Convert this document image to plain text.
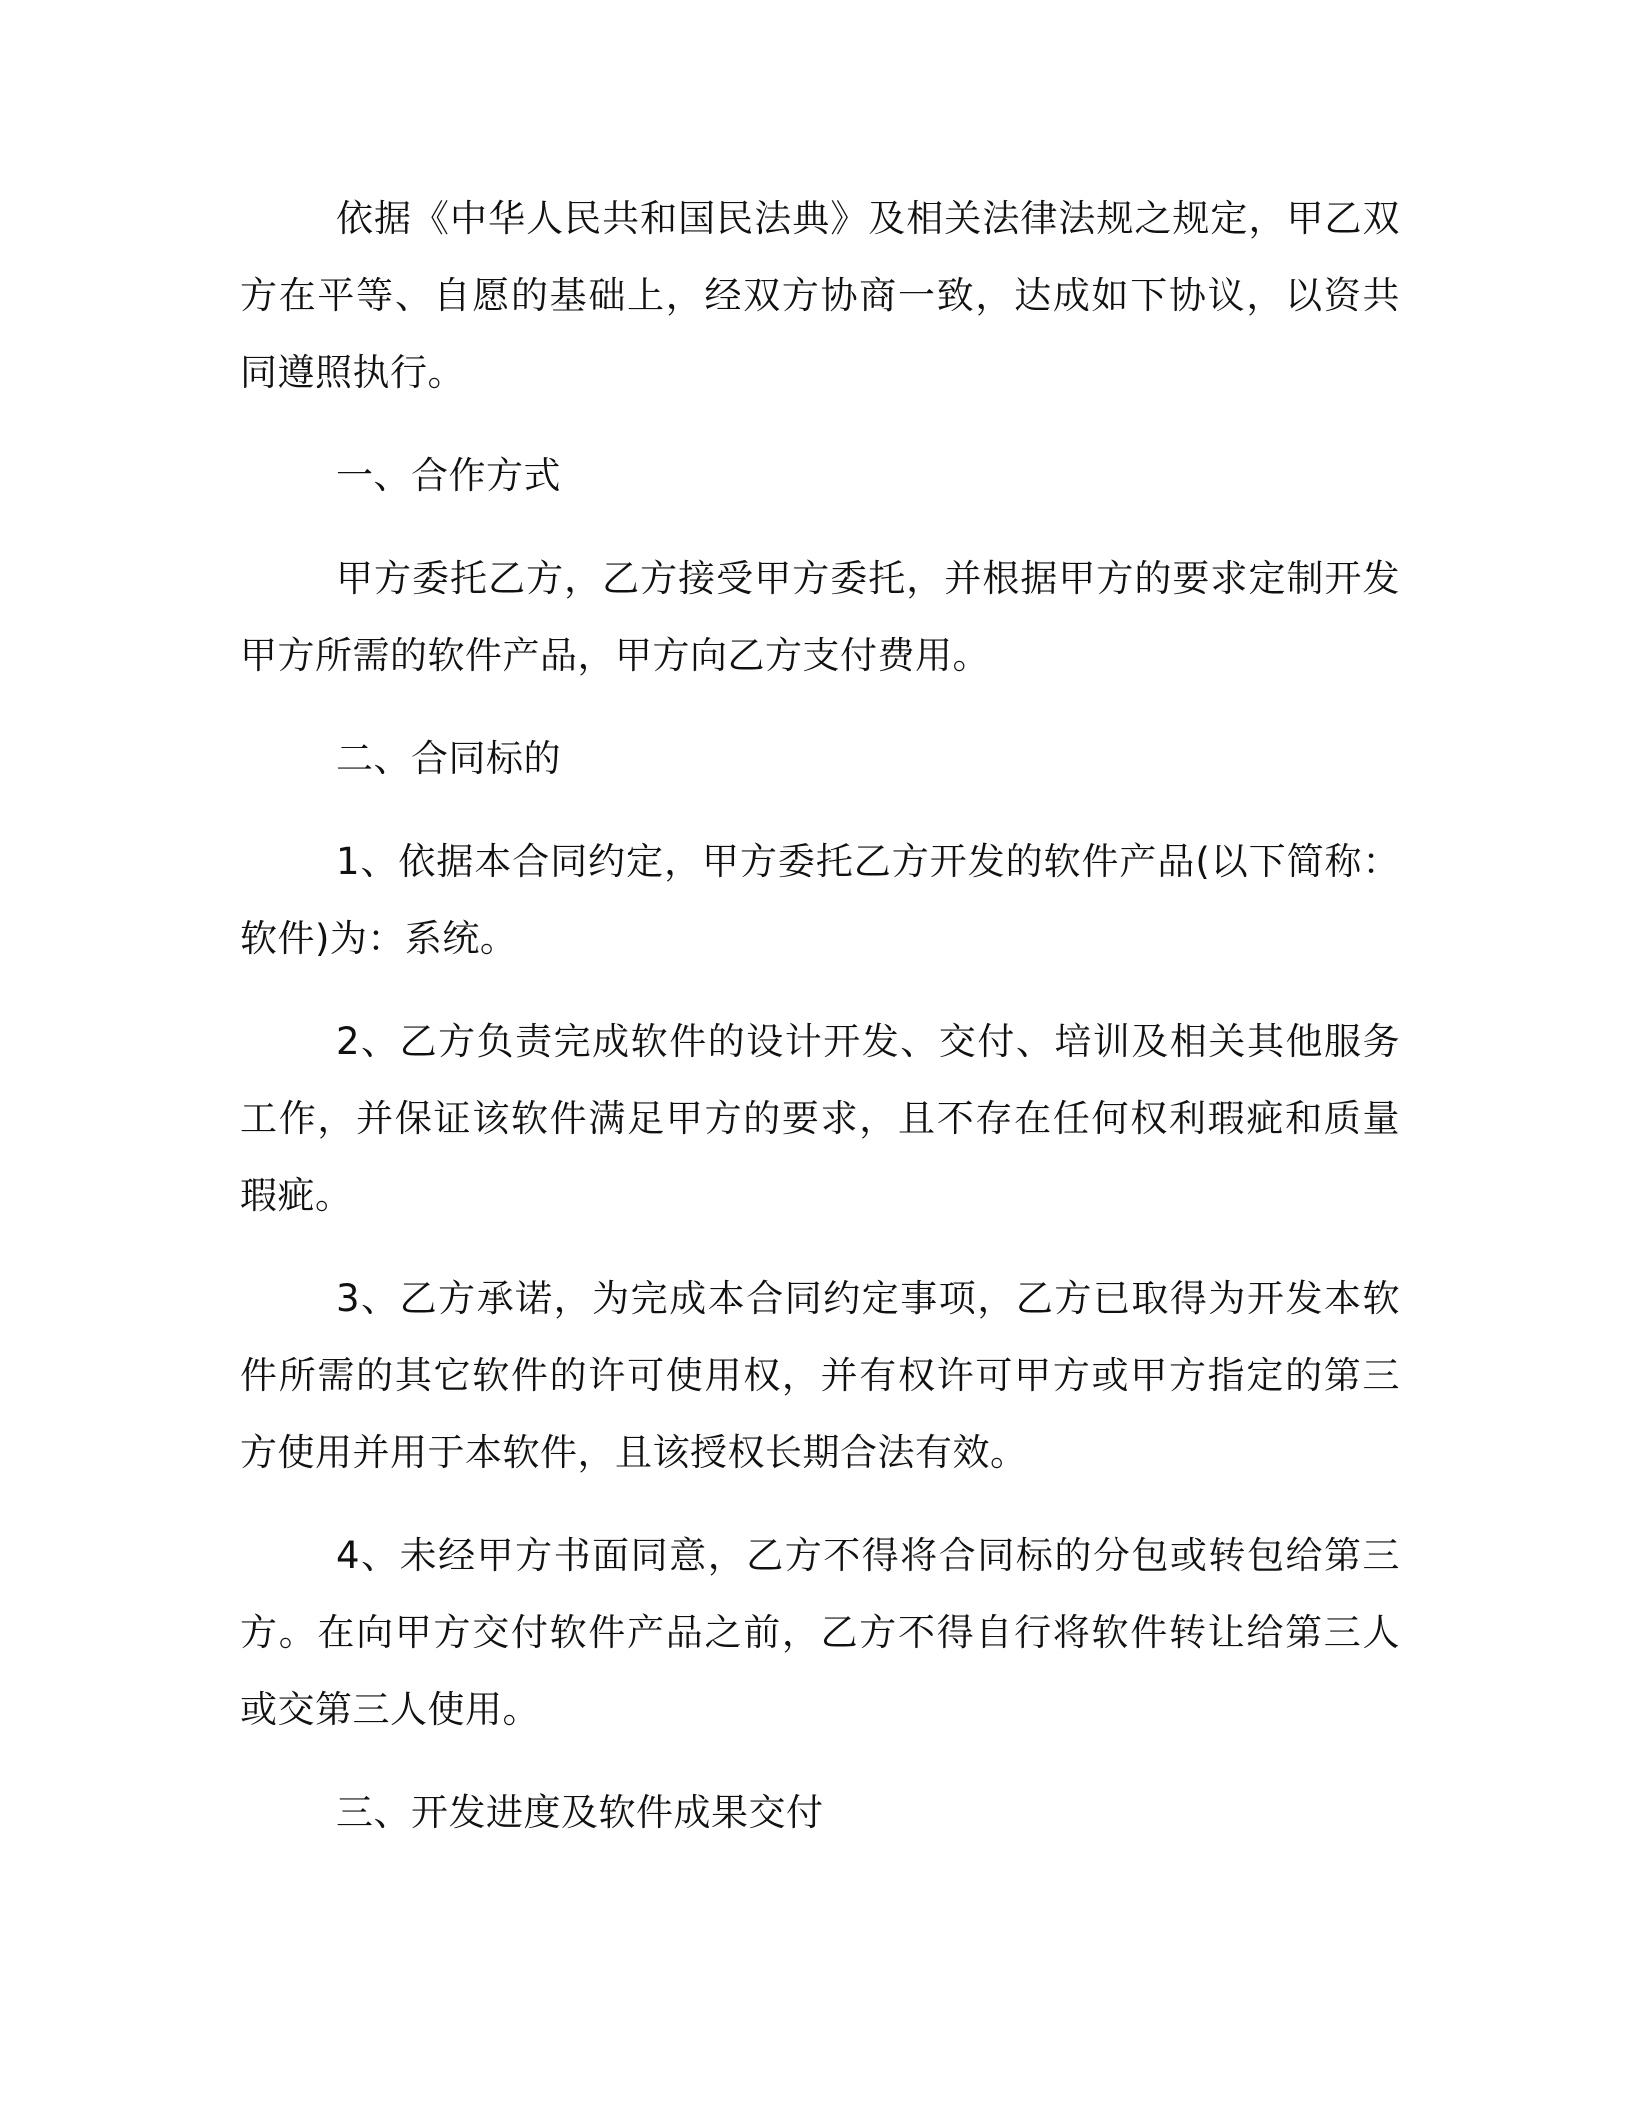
依据《中华人民共和国民法典》及相关法律法规之规定，甲乙双方在平等、自愿的基础上，经双方协商一致，达成如下协议，以资共同遵照执行。

一、合作方式

甲方委托乙方，乙方接受甲方委托，并根据甲方的要求定制开发甲方所需的软件产品，甲方向乙方支付费用。

二、合同标的

1、依据本合同约定，甲方委托乙方开发的软件产品(以下简称：软件)为：系统。

2、乙方负责完成软件的设计开发、交付、培训及相关其他服务工作，并保证该软件满足甲方的要求，且不存在任何权利瑕疵和质量瑕疵。

3、乙方承诺，为完成本合同约定事项，乙方已取得为开发本软件所需的其它软件的许可使用权，并有权许可甲方或甲方指定的第三方使用并用于本软件，且该授权长期合法有效。

4、未经甲方书面同意，乙方不得将合同标的分包或转包给第三方。在向甲方交付软件产品之前，乙方不得自行将软件转让给第三人或交第三人使用。

三、开发进度及软件成果交付
